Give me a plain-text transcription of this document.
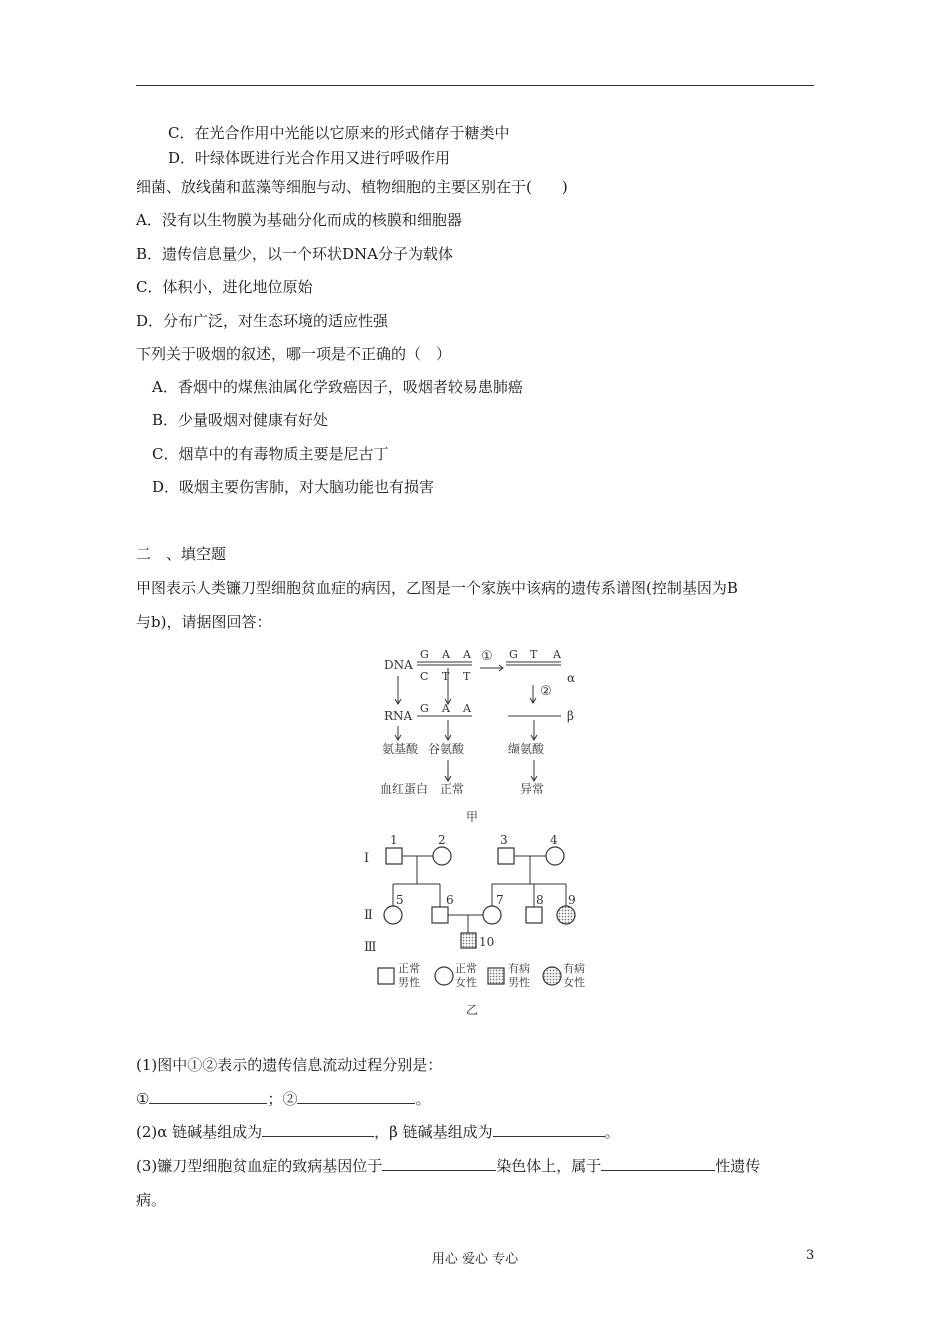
C．在光合作用中光能以它原来的形式储存于糖类中
D．叶绿体既进行光合作用又进行呼吸作用
细菌、放线菌和蓝藻等细胞与动、植物细胞的主要区别在于(　　)
A．没有以生物膜为基础分化而成的核膜和细胞器
B．遗传信息量少，以一个环状DNA分子为载体
C．体积小，进化地位原始
D．分布广泛，对生态环境的适应性强
下列关于吸烟的叙述，哪一项是不正确的（　）
A．香烟中的煤焦油属化学致癌因子，吸烟者较易患肺癌
B．少量吸烟对健康有好处
C．烟草中的有毒物质主要是尼古丁
D．吸烟主要伤害肺，对大脑功能也有损害
二　、填空题
甲图表示人类镰刀型细胞贫血症的病因，乙图是一个家族中该病的遗传系谱图(控制基因为B
与b)，请据图回答：
DNA
RNA
G A A
C T T
G T A
G A A
①
②
α
β
氨基酸 谷氨酸	缬氨酸
血红蛋白 正常	异常
甲
Ⅰ
Ⅱ
Ⅲ
1	2	3	4
5	6	7	8 9
10
正常
男性
正常
女性
有病
男性
有病
女性
乙
(1)图中①②表示的遗传信息流动过程分别是：
①	；②	。
(2)α 链碱基组成为	，β 链碱基组成为	。
(3)镰刀型细胞贫血症的致病基因位于	染色体上，属于	性遗传
病。
用心 爱心 专心	3
